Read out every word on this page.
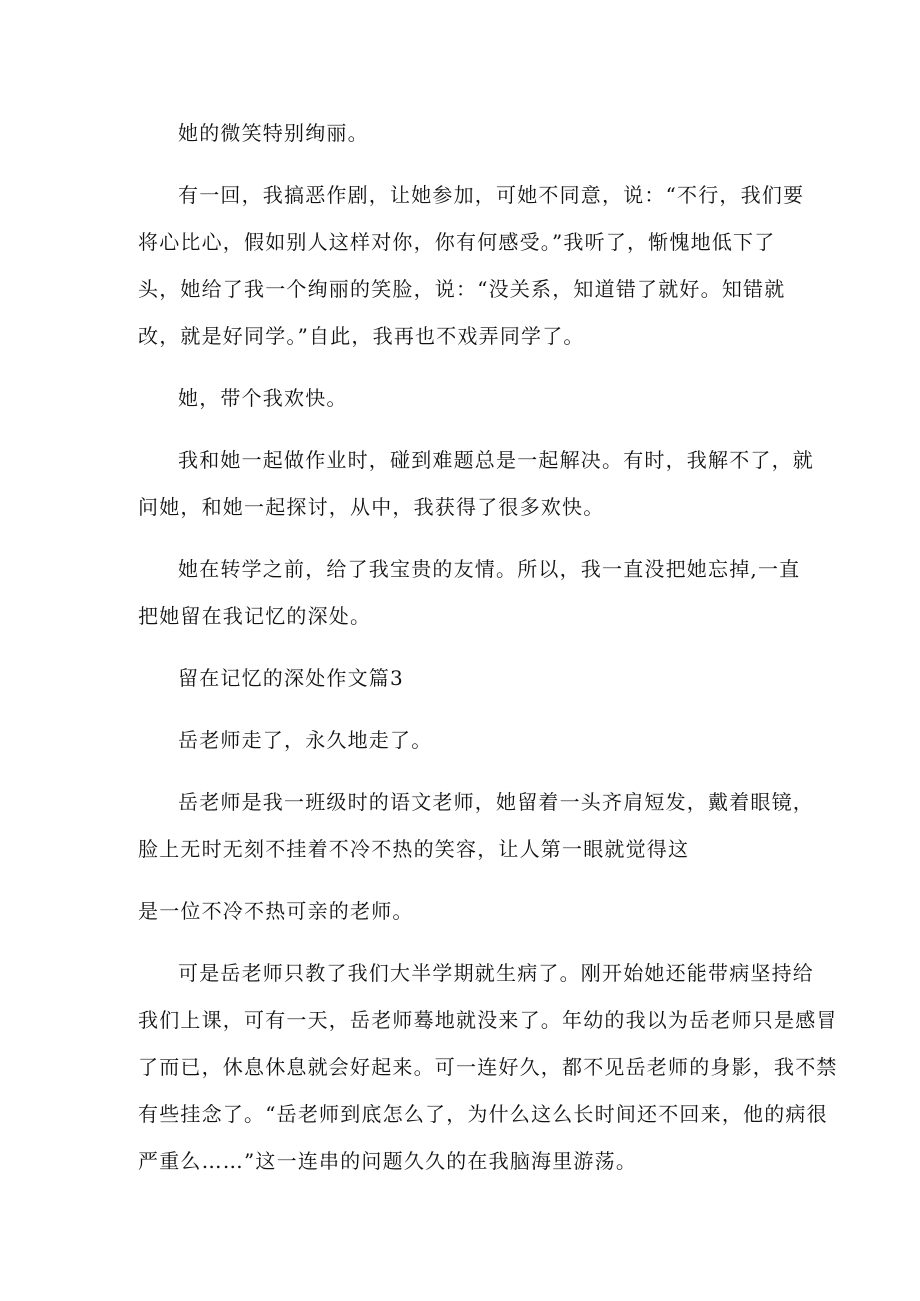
她的微笑特别绚丽。
有一回，我搞恶作剧，让她参加，可她不同意，说：“不行，我们要
将心比心，假如别人这样对你，你有何感受。”我听了，惭愧地低下了
头，她给了我一个绚丽的笑脸，说：“没关系，知道错了就好。知错就
改，就是好同学。”自此，我再也不戏弄同学了。
她，带个我欢快。
我和她一起做作业时，碰到难题总是一起解决。有时，我解不了，就
问她，和她一起探讨，从中，我获得了很多欢快。
她在转学之前，给了我宝贵的友情。所以，我一直没把她忘掉,一直
把她留在我记忆的深处。
留在记忆的深处作文篇3
岳老师走了，永久地走了。
岳老师是我一班级时的语文老师，她留着一头齐肩短发，戴着眼镜，
脸上无时无刻不挂着不冷不热的笑容，让人第一眼就觉得这
是一位不冷不热可亲的老师。
可是岳老师只教了我们大半学期就生病了。刚开始她还能带病坚持给
我们上课，可有一天，岳老师蓦地就没来了。年幼的我以为岳老师只是感冒
了而已，休息休息就会好起来。可一连好久，都不见岳老师的身影，我不禁
有些挂念了。“岳老师到底怎么了，为什么这么长时间还不回来，他的病很
严重么……”这一连串的问题久久的在我脑海里游荡。
